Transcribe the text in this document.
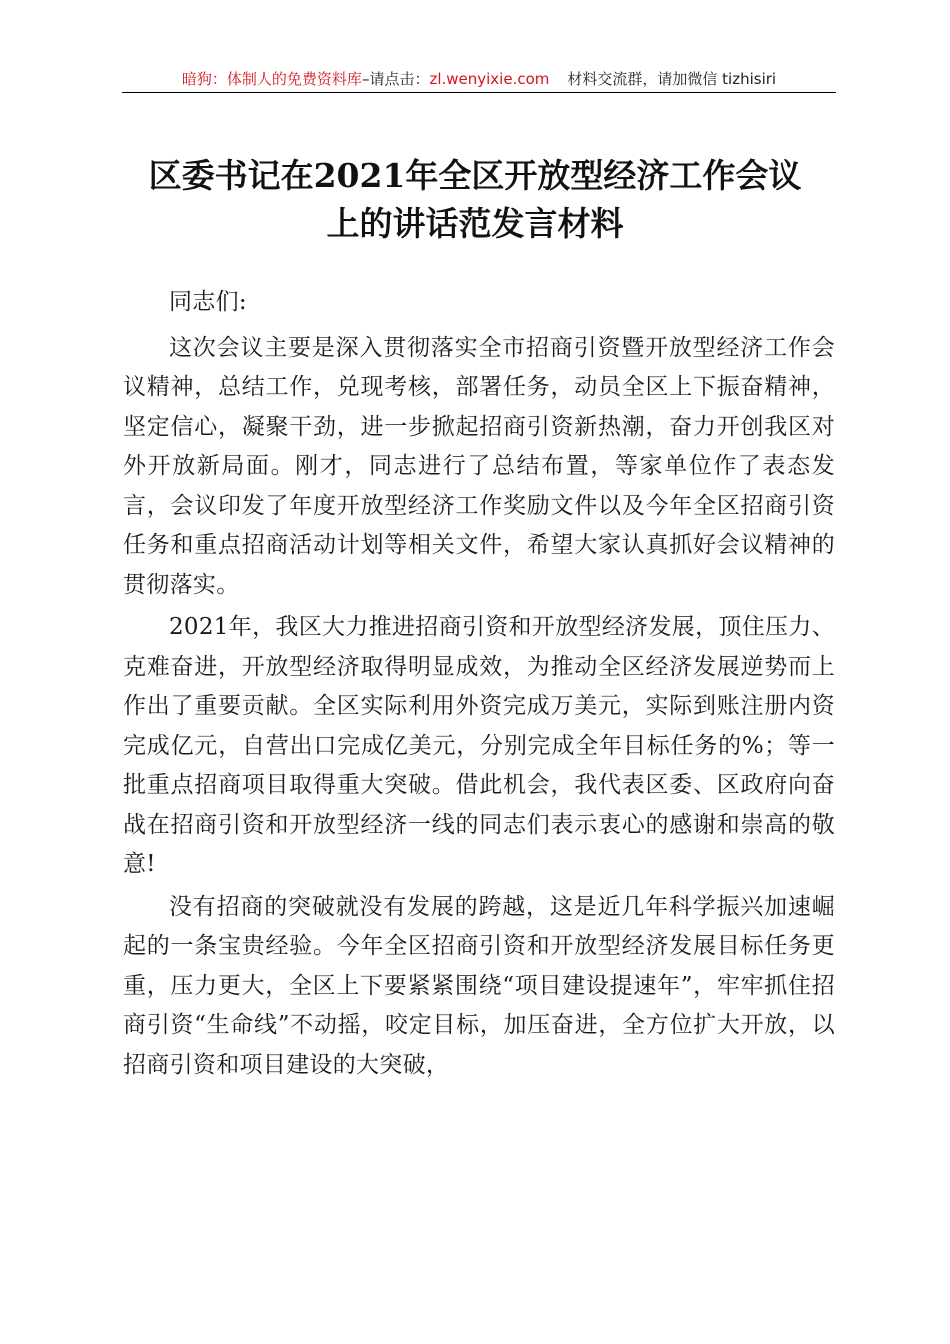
暗狗：体制人的免费资料库–请点击：zl.wenyixie.com 材料交流群，请加微信 tizhisiri
区委书记在2021年全区开放型经济工作会议
上的讲话范发言材料

同志们:

这次会议主要是深入贯彻落实全市招商引资暨开放型经济工作会议精神，总结工作，兑现考核，部署任务，动员全区上下振奋精神，坚定信心，凝聚干劲，进一步掀起招商引资新热潮，奋力开创我区对外开放新局面。刚才，同志进行了总结布置，等家单位作了表态发言，会议印发了年度开放型经济工作奖励文件以及今年全区招商引资任务和重点招商活动计划等相关文件，希望大家认真抓好会议精神的贯彻落实。

2021年，我区大力推进招商引资和开放型经济发展，顶住压力、克难奋进，开放型经济取得明显成效，为推动全区经济发展逆势而上作出了重要贡献。全区实际利用外资完成万美元，实际到账注册内资完成亿元，自营出口完成亿美元，分别完成全年目标任务的%；等一批重点招商项目取得重大突破。借此机会，我代表区委、区政府向奋战在招商引资和开放型经济一线的同志们表示衷心的感谢和崇高的敬意!

没有招商的突破就没有发展的跨越，这是近几年科学振兴加速崛起的一条宝贵经验。今年全区招商引资和开放型经济发展目标任务更重，压力更大，全区上下要紧紧围绕“项目建设提速年”，牢牢抓住招商引资“生命线”不动摇，咬定目标，加压奋进，全方位扩大开放，以招商引资和项目建设的大突破，
